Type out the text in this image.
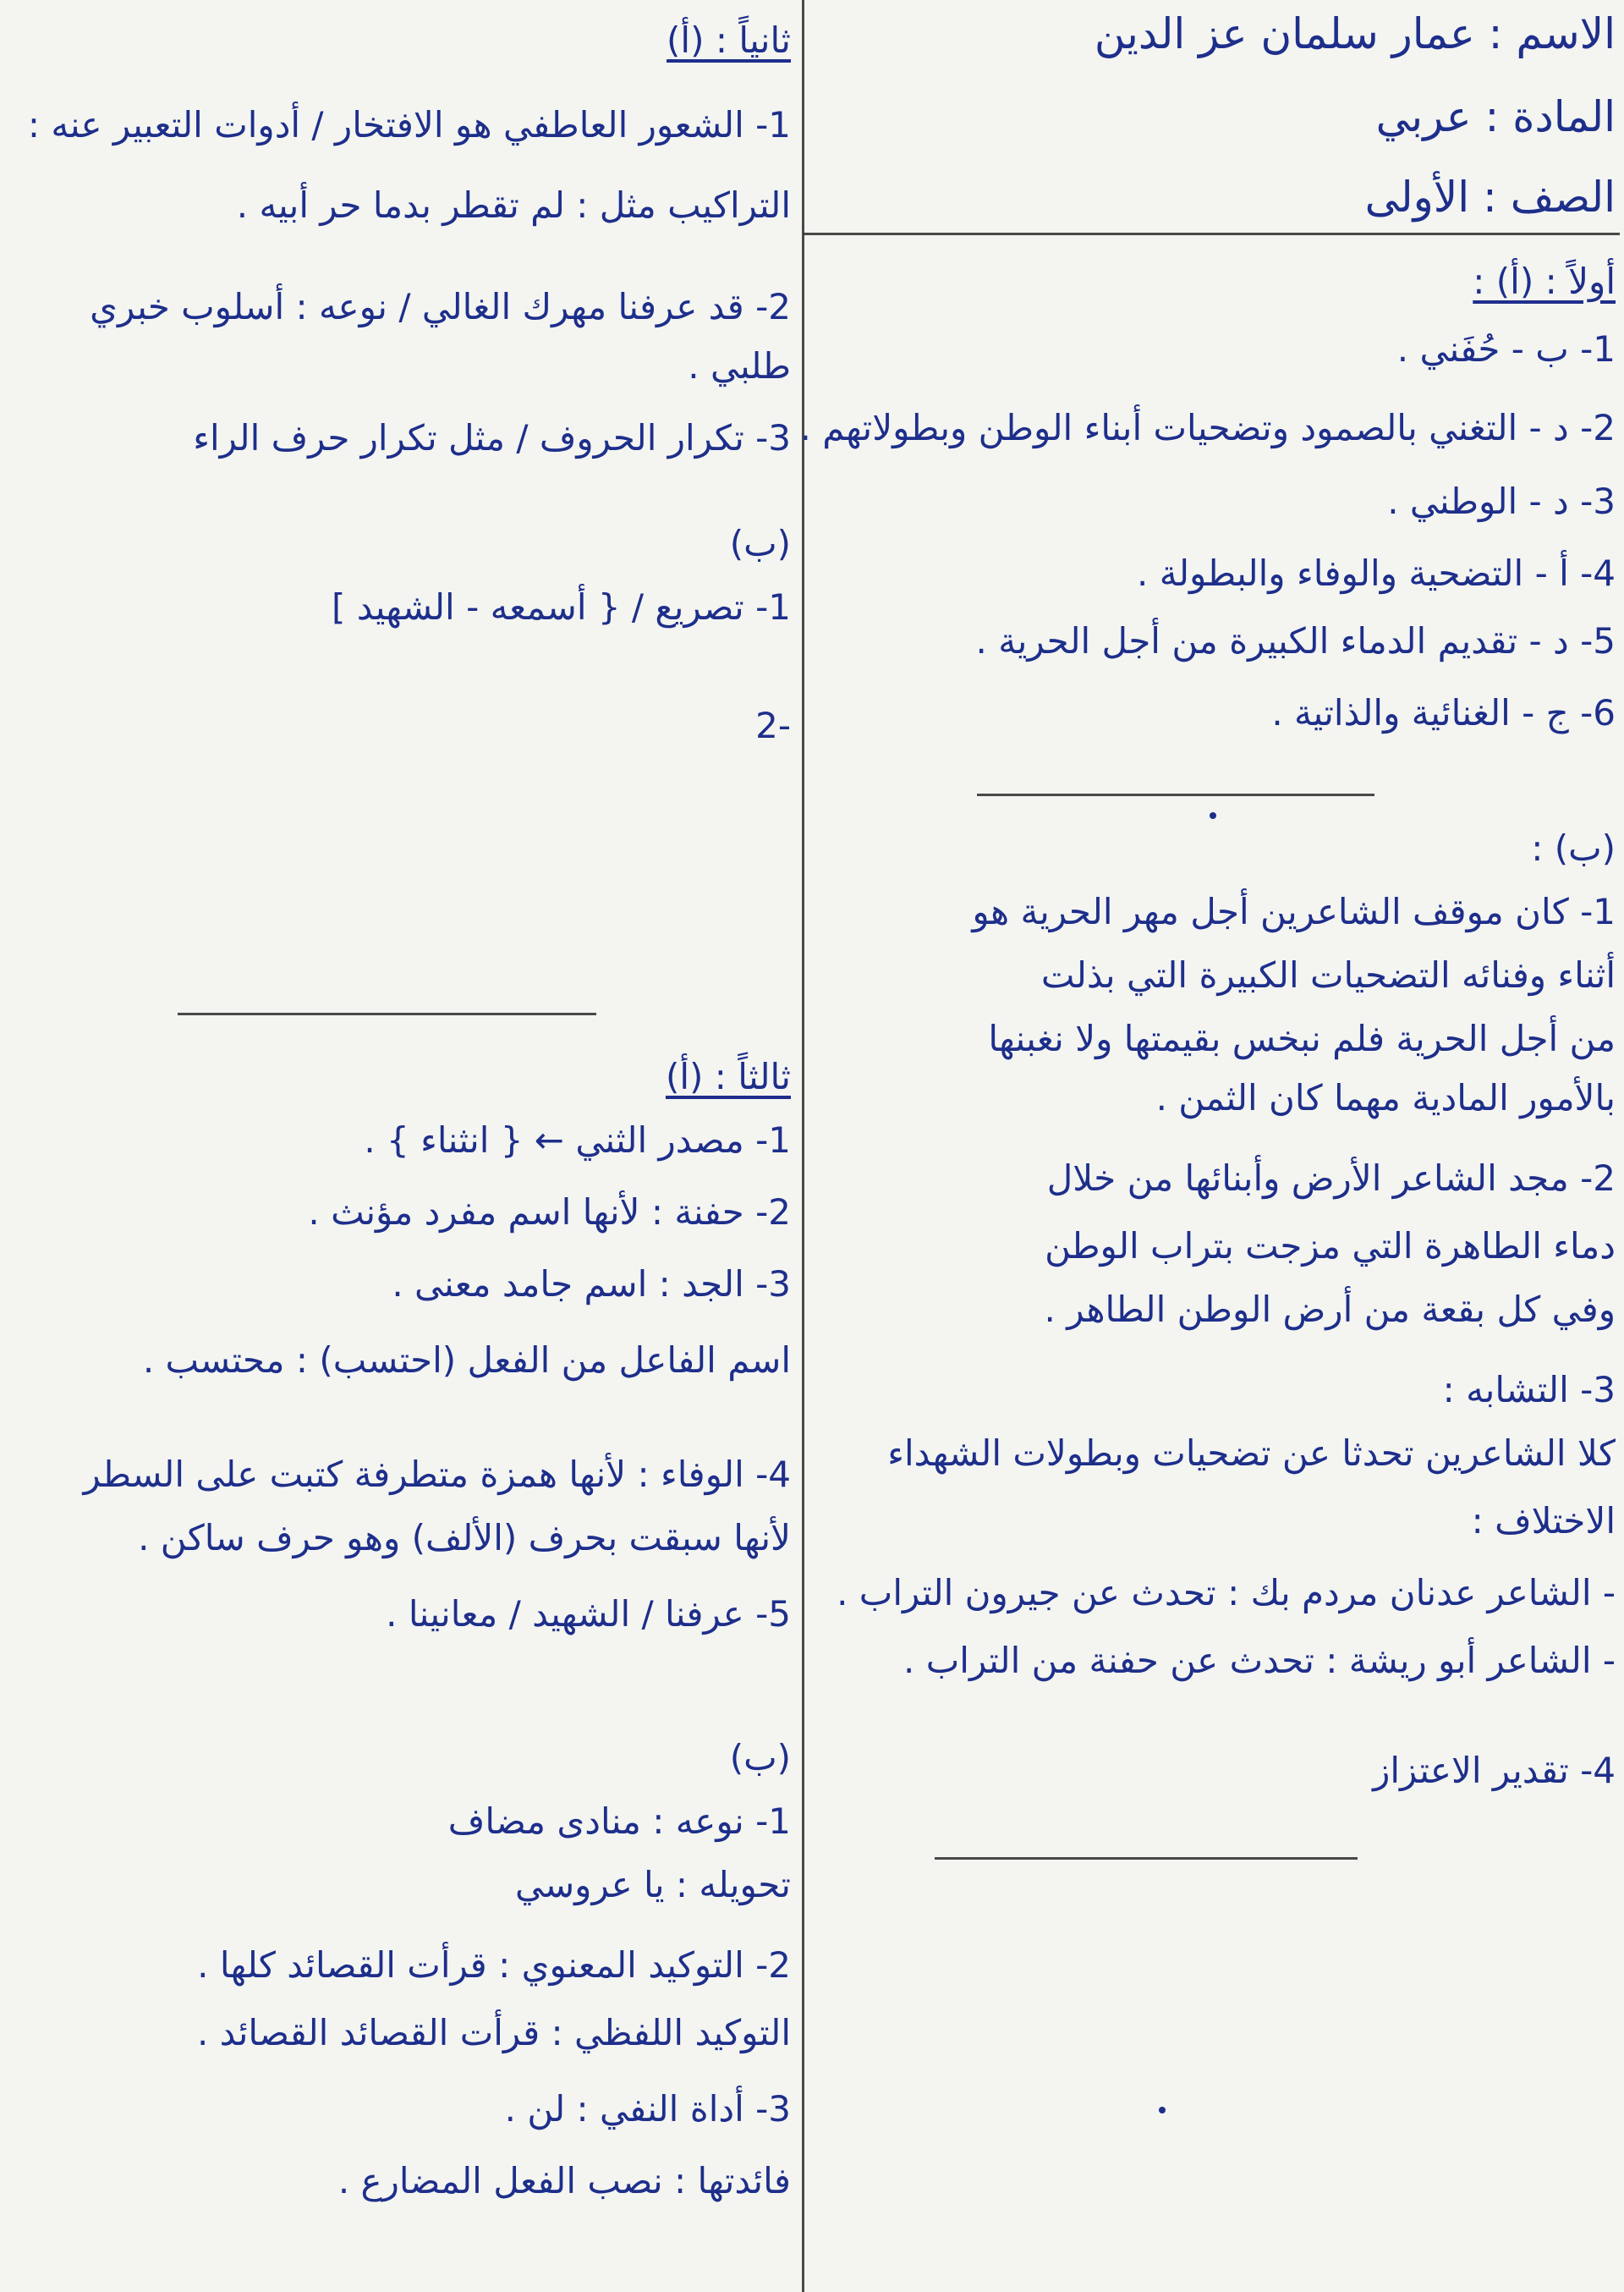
الاسم : عمار سلمان عز الدين
المادة : عربي
الصف : الأولى
أولاً : (أ) :
1- ب - حُفَني .
2- د - التغني بالصمود وتضحيات أبناء الوطن وبطولاتهم .
3- د - الوطني .
4- أ - التضحية والوفاء والبطولة .
5- د - تقديم الدماء الكبيرة من أجل الحرية .
6- ج - الغنائية والذاتية .
(ب) :
1- كان موقف الشاعرين أجل مهر الحرية هو
أثناء وفنائه التضحيات الكبيرة التي بذلت
من أجل الحرية فلم نبخس بقيمتها ولا نغبنها
بالأمور المادية مهما كان الثمن .
2- مجد الشاعر الأرض وأبنائها من خلال
دماء الطاهرة التي مزجت بتراب الوطن
وفي كل بقعة من أرض الوطن الطاهر .
3- التشابه :
كلا الشاعرين تحدثا عن تضحيات وبطولات الشهداء
الاختلاف :
- الشاعر عدنان مردم بك : تحدث عن جيرون التراب .
- الشاعر أبو ريشة : تحدث عن حفنة من التراب .
4- تقدير الاعتزاز
ثانياً : (أ)
1- الشعور العاطفي هو الافتخار / أدوات التعبير عنه :
التراكيب مثل : لم تقطر بدما حر أبيه .
2- قد عرفنا مهرك الغالي / نوعه : أسلوب خبري
طلبي .
3- تكرار الحروف / مثل تكرار حرف الراء
(ب)
1- تصريع / { أسمعه - الشهيد ]
-2
ثالثاً : (أ)
1- مصدر الثني ← { انثناء } .
2- حفنة : لأنها اسم مفرد مؤنث .
3- الجد : اسم جامد معنى .
اسم الفاعل من الفعل (احتسب) : محتسب .
4- الوفاء : لأنها همزة متطرفة كتبت على السطر
لأنها سبقت بحرف (الألف) وهو حرف ساكن .
5- عرفنا / الشهيد / معانينا .
(ب)
1- نوعه : منادى مضاف
تحويله : يا عروسي
2- التوكيد المعنوي : قرأت القصائد كلها .
التوكيد اللفظي : قرأت القصائد القصائد .
3- أداة النفي : لن .
فائدتها : نصب الفعل المضارع .
